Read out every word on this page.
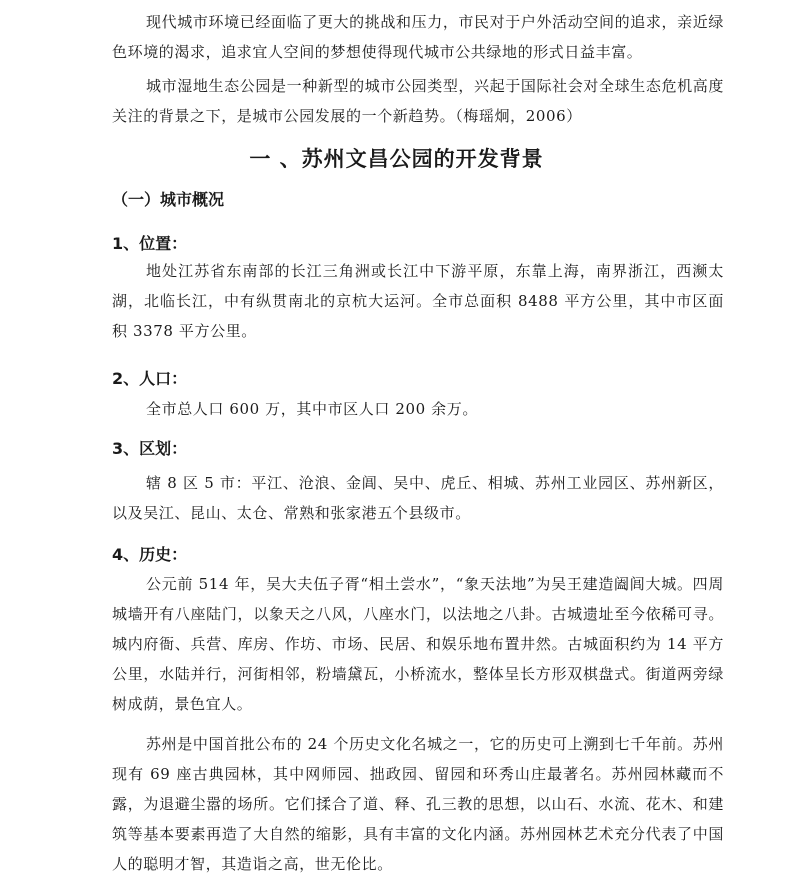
现代城市环境已经面临了更大的挑战和压力，市民对于户外活动空间的追求，亲近绿色环境的渴求，追求宜人空间的梦想使得现代城市公共绿地的形式日益丰富。

城市湿地生态公园是一种新型的城市公园类型，兴起于国际社会对全球生态危机高度关注的背景之下，是城市公园发展的一个新趋势。（梅瑶炯，2006）

一 、苏州文昌公园的开发背景
（一）城市概况
1、位置：

地处江苏省东南部的长江三角洲或长江中下游平原，东靠上海，南界浙江，西濒太湖，北临长江，中有纵贯南北的京杭大运河。全市总面积 8488 平方公里，其中市区面积 3378 平方公里。

2、人口：

全市总人口 600 万，其中市区人口 200 余万。

3、区划：

辖 8 区 5 市：平江、沧浪、金阊、吴中、虎丘、相城、苏州工业园区、苏州新区，以及吴江、昆山、太仓、常熟和张家港五个县级市。

4、历史：

公元前 514 年，吴大夫伍子胥“相土尝水”，“象天法地”为吴王建造阖闾大城。四周城墙开有八座陆门，以象天之八风，八座水门，以法地之八卦。古城遗址至今依稀可寻。城内府衙、兵营、库房、作坊、市场、民居、和娱乐地布置井然。古城面积约为 14 平方公里，水陆并行，河街相邻，粉墙黛瓦，小桥流水，整体呈长方形双棋盘式。街道两旁绿树成荫，景色宜人。

苏州是中国首批公布的 24 个历史文化名城之一，它的历史可上溯到七千年前。苏州现有 69 座古典园林，其中网师园、拙政园、留园和环秀山庄最著名。苏州园林藏而不露，为退避尘嚣的场所。它们揉合了道、释、孔三教的思想，以山石、水流、花木、和建筑等基本要素再造了大自然的缩影，具有丰富的文化内涵。苏州园林艺术充分代表了中国人的聪明才智，其造诣之高，世无伦比。
